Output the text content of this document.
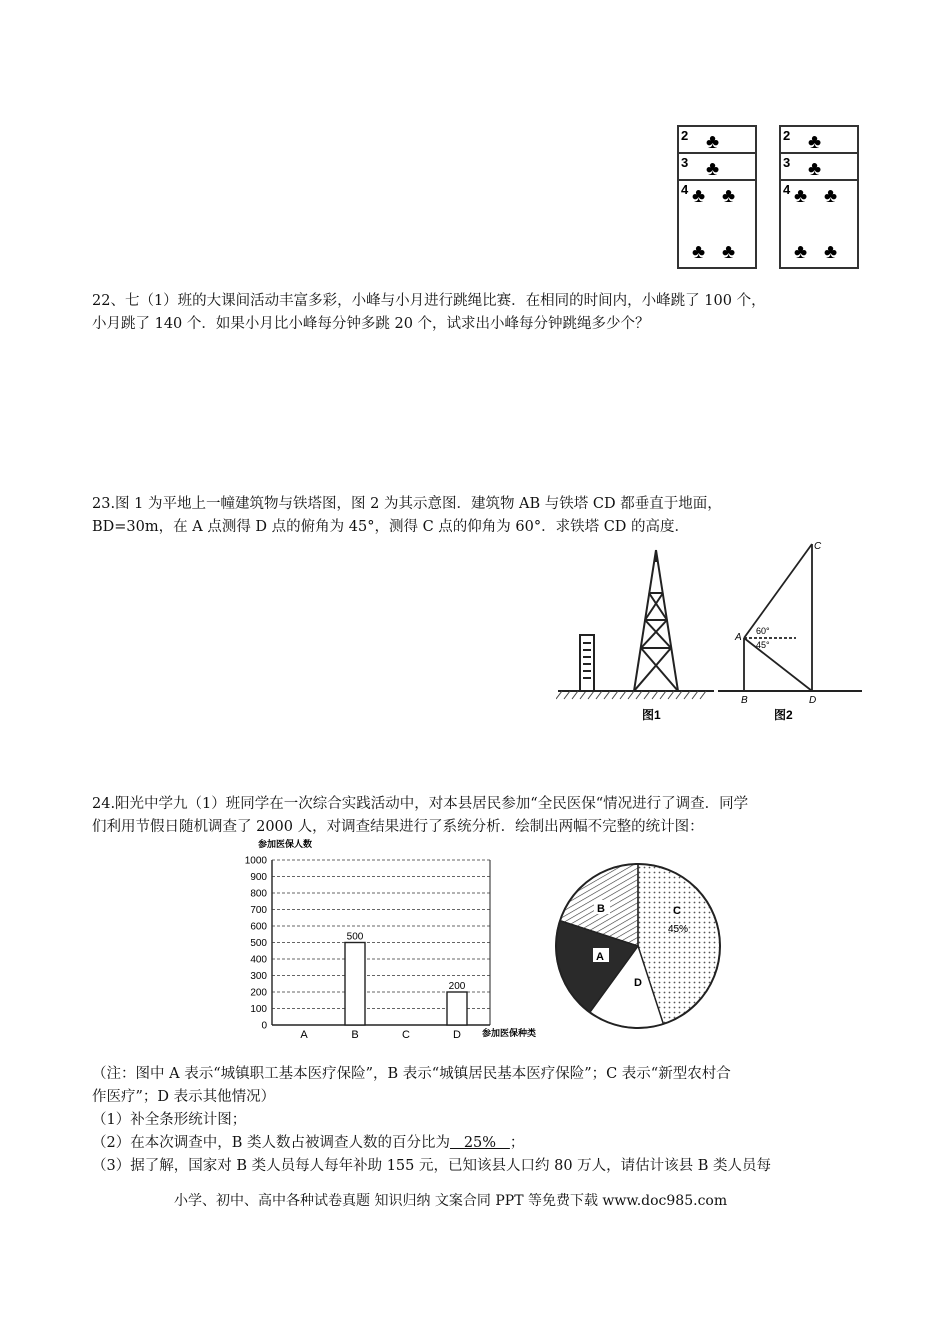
2
3
4
♣
♣
♣ ♣
♣ ♣
2
3
4
♣
♣
♣ ♣
♣ ♣
22、七（1）班的大课间活动丰富多彩，小峰与小月进行跳绳比赛．在相同的时间内，小峰跳了 100 个，
小月跳了 140 个．如果小月比小峰每分钟多跳 20 个，试求出小峰每分钟跳绳多少个？
23.图 1 为平地上一幢建筑物与铁塔图，图 2 为其示意图．建筑物 AB 与铁塔 CD 都垂直于地面，
BD=30m，在 A 点测得 D 点的俯角为 45°，测得 C 点的仰角为 60°．求铁塔 CD 的高度．
图1
C
A
B	D
60°
45°
图2
24.阳光中学九（1）班同学在一次综合实践活动中，对本县居民参加“全民医保“情况进行了调查．同学
们利用节假日随机调查了 2000 人，对调查结果进行了系统分析．绘制出两幅不完整的统计图：
参加医保人数
0
100
200
300
400
500
600
700
800
900
1000
500
200
A	B	C	D 参加医保种类
B
A
D
C
45%
（注：图中 A 表示“城镇职工基本医疗保险”，B 表示“城镇居民基本医疗保险”；C 表示“新型农村合
作医疗”；D 表示其他情况）
（1）补全条形统计图；
（2）在本次调查中，B 类人数占被调查人数的百分比为   25%   ；
（3）据了解，国家对 B 类人员每人每年补助 155 元，已知该县人口约 80 万人，请估计该县 B 类人员每
小学、初中、高中各种试卷真题 知识归纳 文案合同 PPT 等免费下载 www.doc985.com
